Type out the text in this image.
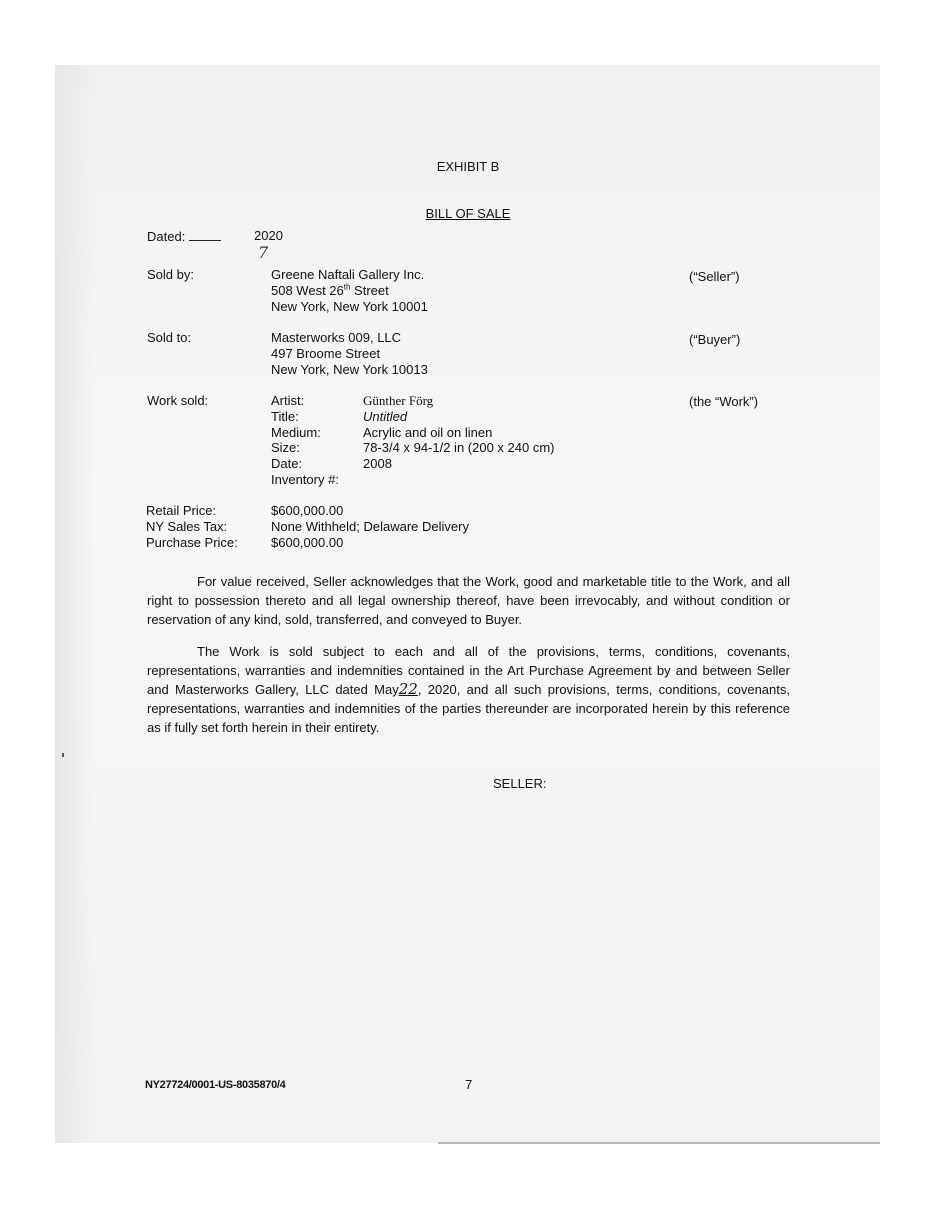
EXHIBIT B
BILL OF SALE
Dated:	2020
7
Sold by:	Greene Naftali Gallery Inc.
508 West 26th Street
New York, New York 10001
(“Seller”)
Sold to:	Masterworks 009, LLC
497 Broome Street
New York, New York 10013
(“Buyer”)
Work sold:	(the “Work”)
Artist:	Günther Förg
Title:	Untitled
Medium:	Acrylic and oil on linen
Size:	78-3/4 x 94-1/2 in (200 x 240 cm)
Date:	2008
Inventory #:
Retail Price:	$600,000.00
NY Sales Tax:	None Withheld; Delaware Delivery
Purchase Price:	$600,000.00
For value received, Seller acknowledges that the Work, good and marketable title to the Work, and all right to possession thereto and all legal ownership thereof, have been irrevocably, and without condition or reservation of any kind, sold, transferred, and conveyed to Buyer.
The Work is sold subject to each and all of the provisions, terms, conditions, covenants, representations, warranties and indemnities contained in the Art Purchase Agreement by and between Seller and Masterworks Gallery, LLC dated May22, 2020, and all such provisions, terms, conditions, covenants, representations, warranties and indemnities of the parties thereunder are incorporated herein by this reference as if fully set forth herein in their entirety.
SELLER:
NY27724/0001-US-8035870/4	7
